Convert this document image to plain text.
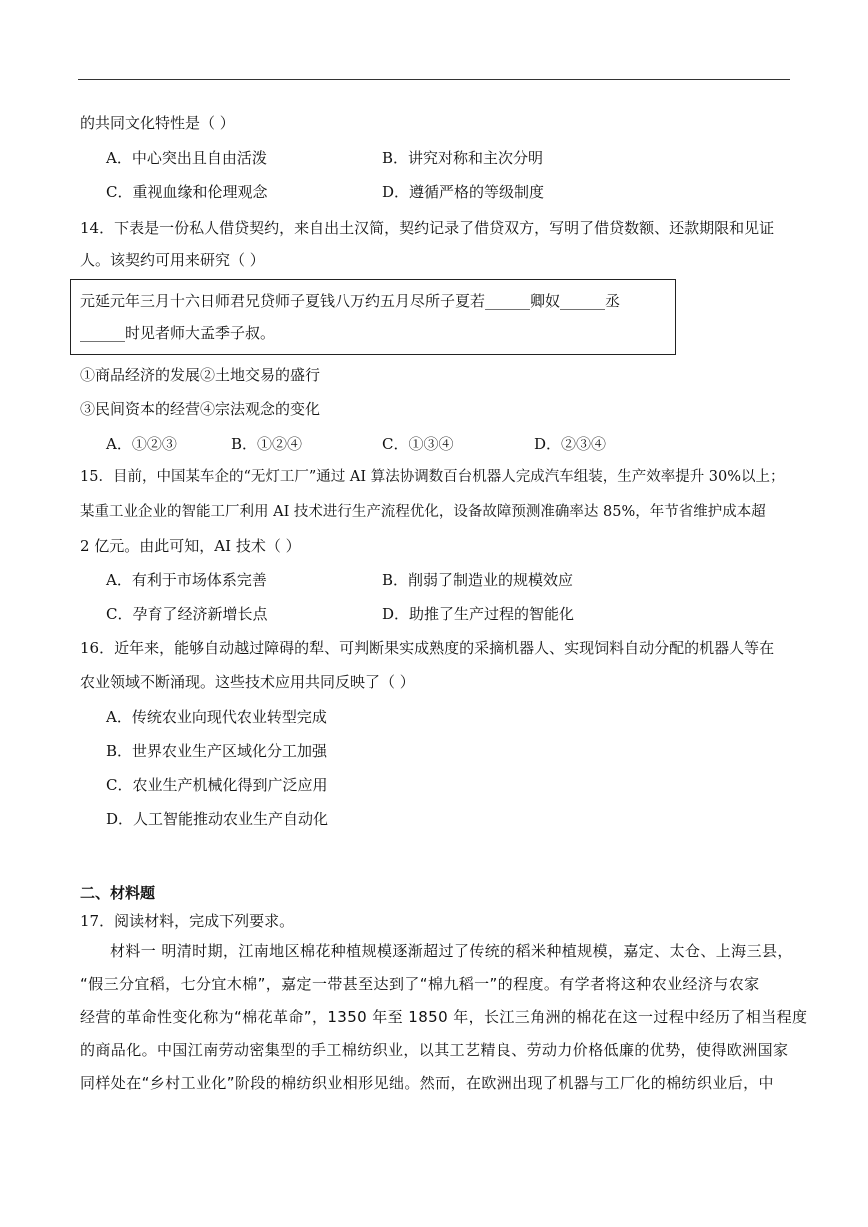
的共同文化特性是（ ）
A．中心突出且自由活泼	B．讲究对称和主次分明
C．重视血缘和伦理观念	D．遵循严格的等级制度
14．下表是一份私人借贷契约，来自出土汉简，契约记录了借贷双方，写明了借贷数额、还款期限和见证
人。该契约可用来研究（ ）
元延元年三月十六日师君兄贷师子夏钱八万约五月尽所子夏若______卿奴______丞
______时见者师大孟季子叔。
①商品经济的发展②土地交易的盛行
③民间资本的经营④宗法观念的变化
A．①②③	B．①②④	C．①③④	D．②③④
15．目前，中国某车企的“无灯工厂”通过 AI 算法协调数百台机器人完成汽车组装，生产效率提升 30%以上；
某重工业企业的智能工厂利用 AI 技术进行生产流程优化，设备故障预测准确率达 85%，年节省维护成本超
2 亿元。由此可知，AI 技术（ ）
A．有利于市场体系完善	B．削弱了制造业的规模效应
C．孕育了经济新增长点	D．助推了生产过程的智能化
16．近年来，能够自动越过障碍的犁、可判断果实成熟度的采摘机器人、实现饲料自动分配的机器人等在
农业领域不断涌现。这些技术应用共同反映了（ ）
A．传统农业向现代农业转型完成
B．世界农业生产区域化分工加强
C．农业生产机械化得到广泛应用
D．人工智能推动农业生产自动化
二、材料题
17．阅读材料，完成下列要求。
材料一 明清时期，江南地区棉花种植规模逐渐超过了传统的稻米种植规模，嘉定、太仓、上海三县，
“假三分宜稻，七分宜木棉”，嘉定一带甚至达到了“棉九稻一”的程度。有学者将这种农业经济与农家
经营的革命性变化称为“棉花革命”，1350 年至 1850 年，长江三角洲的棉花在这一过程中经历了相当程度
的商品化。中国江南劳动密集型的手工棉纺织业，以其工艺精良、劳动力价格低廉的优势，使得欧洲国家
同样处在“乡村工业化”阶段的棉纺织业相形见绌。然而，在欧洲出现了机器与工厂化的棉纺织业后，中
